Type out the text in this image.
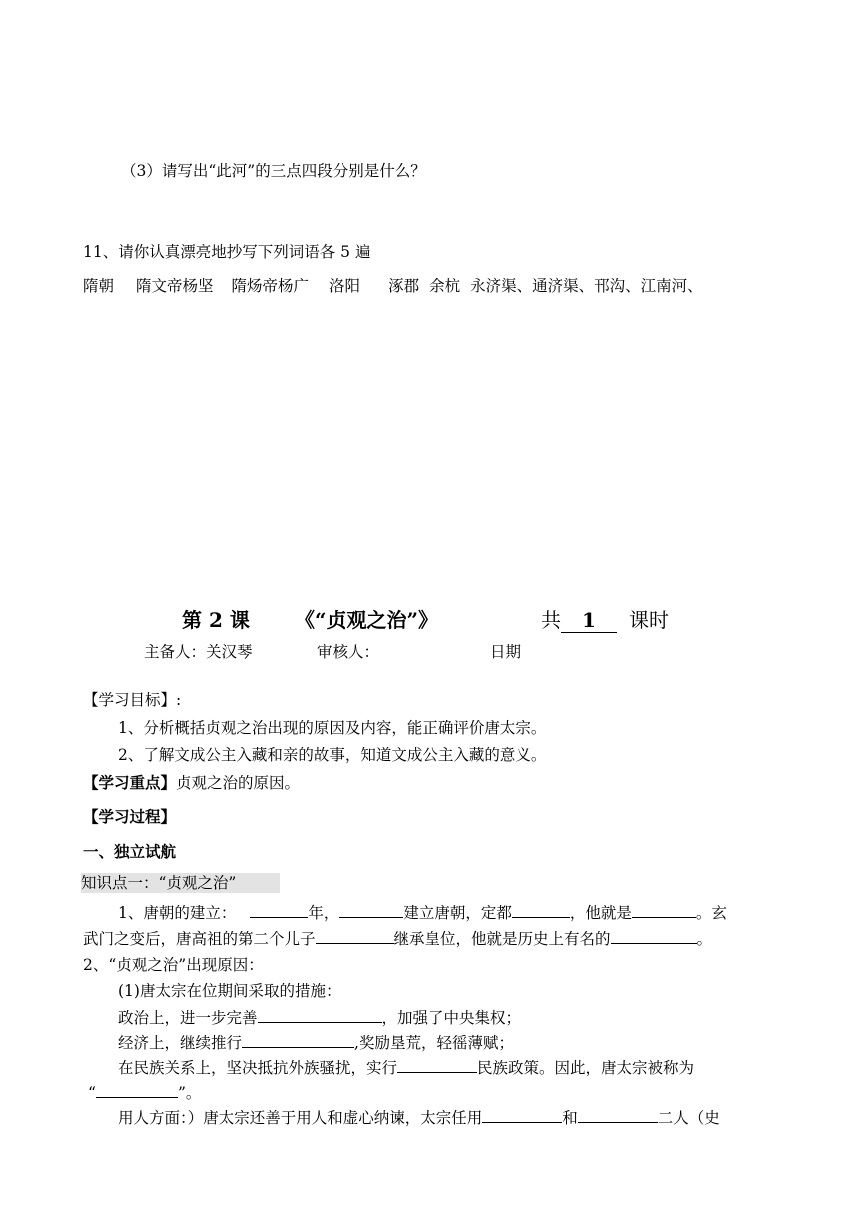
（3）请写出“此河”的三点四段分别是什么？
11、请你认真漂亮地抄写下列词语各 5 遍
隋朝 隋文帝杨坚 隋炀帝杨广 洛阳 涿郡 余杭 永济渠、通济渠、邗沟、江南河、
第 2 课 《“贞观之治”》	共 1 课时
主备人：关汉琴	审核人：	日期
【学习目标】:
1、分析概括贞观之治出现的原因及内容，能正确评价唐太宗。
2、了解文成公主入藏和亲的故事，知道文成公主入藏的意义。
【学习重点】贞观之治的原因。
【学习过程】
一、独立试航
知识点一：“贞观之治”
1、唐朝的建立：	年，	建立唐朝，定都	，他就是	。玄
武门之变后，唐高祖的第二个儿子	继承皇位，他就是历史上有名的	。
2、“贞观之治”出现原因：
(1)唐太宗在位期间采取的措施：
政治上，进一步完善	，加强了中央集权；
经济上，继续推行	,奖励垦荒，轻徭薄赋；
在民族关系上，坚决抵抗外族骚扰，实行	民族政策。因此，唐太宗被称为
“	”。
用人方面：）唐太宗还善于用人和虚心纳谏，太宗任用	和	二人（史
